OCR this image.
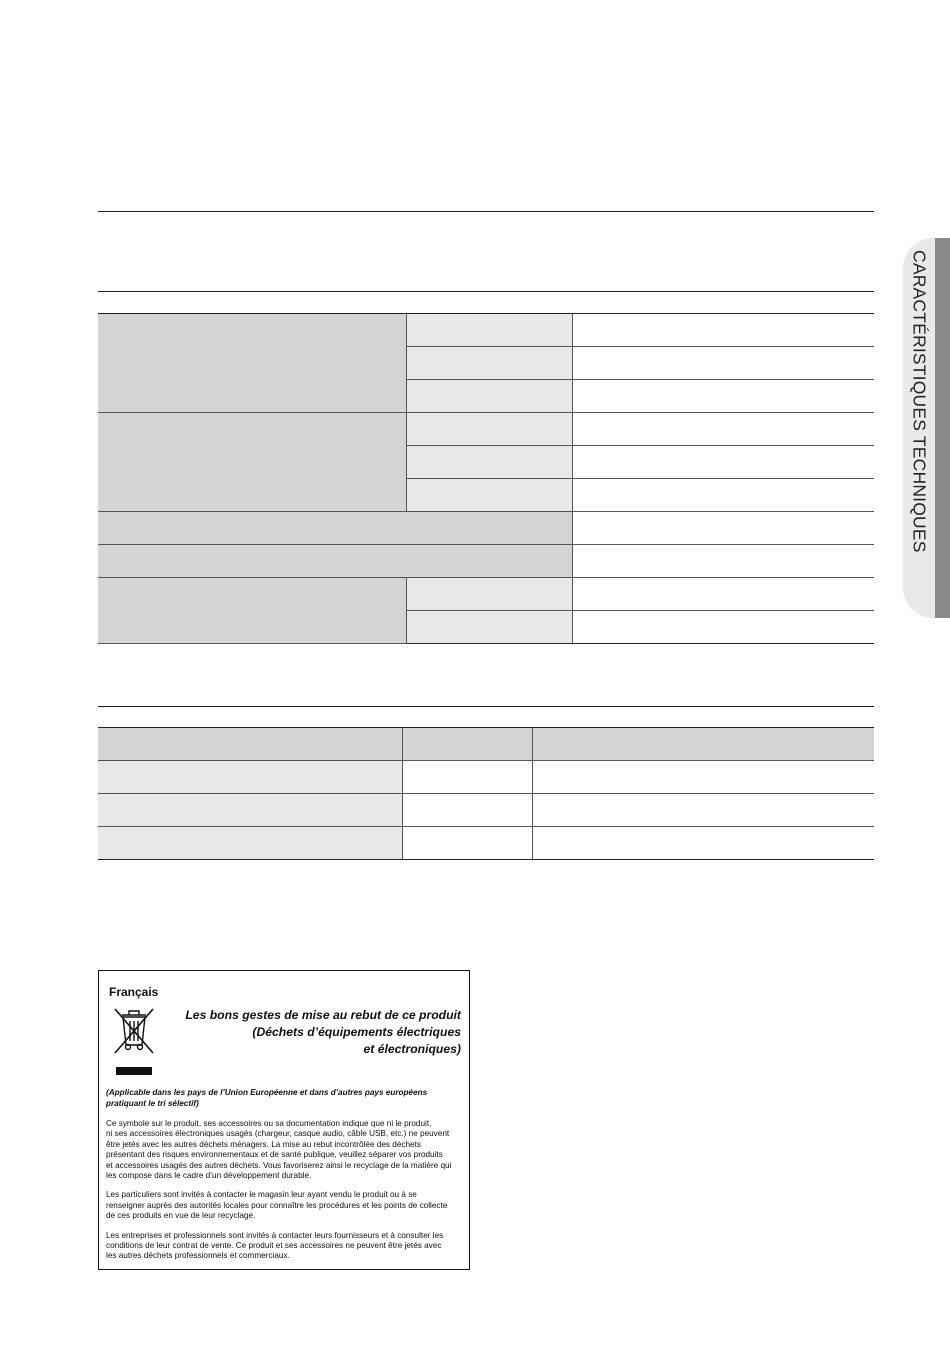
CARACTÉRISTIQUES TECHNIQUES
Français
Les bons gestes de mise au rebut de ce produit
(Déchets d’équipements électriques
et électroniques)
(Applicable dans les pays de l’Union Européenne et dans d’autres pays européens
pratiquant le tri sélectif)
Ce symbole sur le produit, ses accessoires ou sa documentation indique que ni le produit,
ni ses accessoires électroniques usagés (chargeur, casque audio, câble USB, etc.) ne peuvent
être jetés avec les autres déchets ménagers. La mise au rebut incontrôlée des déchets
présentant des risques environnementaux et de santé publique, veuillez séparer vos produits
et accessoires usagés des autres déchets. Vous favoriserez ainsi le recyclage de la matière qui
les compose dans le cadre d’un développement durable.
Les particuliers sont invités à contacter le magasin leur ayant vendu le produit ou à se
renseigner auprès des autorités locales pour connaître les procédures et les points de collecte
de ces produits en vue de leur recyclage.
Les entreprises et professionnels sont invités à contacter leurs fournisseurs et à consulter les
conditions de leur contrat de vente. Ce produit et ses accessoires ne peuvent être jetés avec
les autres déchets professionnels et commerciaux.
